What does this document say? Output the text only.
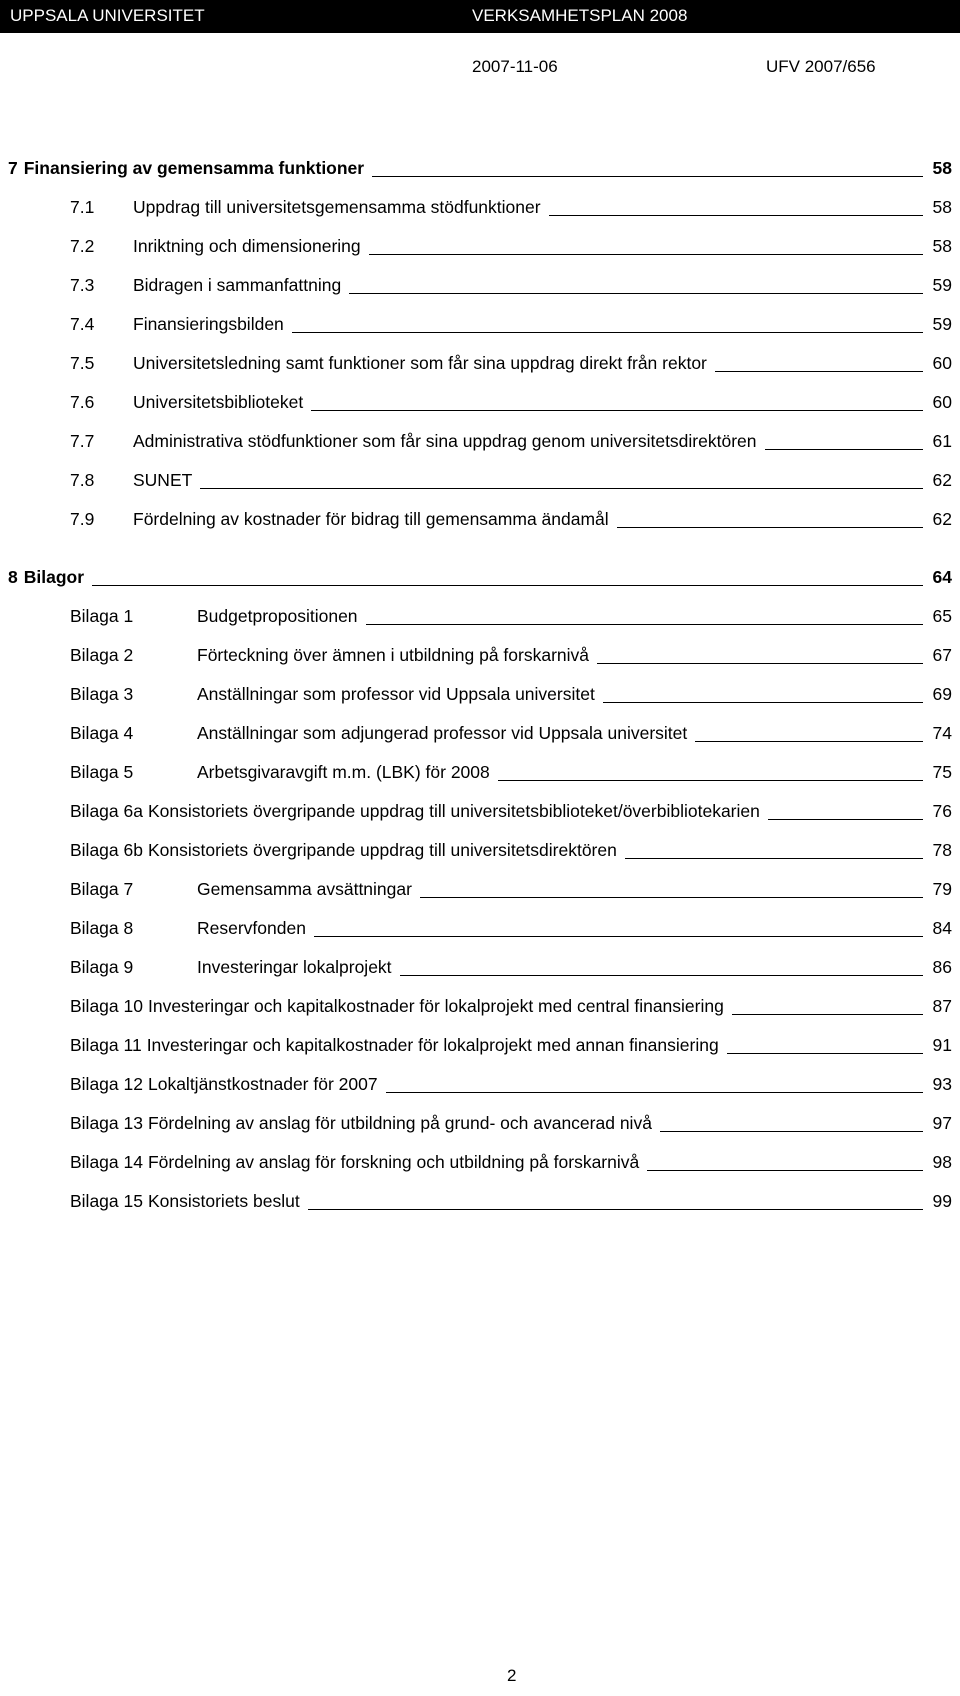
UPPSALA UNIVERSITET	VERKSAMHETSPLAN 2008
2007-11-06	UFV 2007/656
7 Finansiering av gemensamma funktioner	58
7.1 Uppdrag till universitetsgemensamma stödfunktioner	58
7.2 Inriktning och dimensionering	58
7.3 Bidragen i sammanfattning	59
7.4 Finansieringsbilden	59
7.5 Universitetsledning samt funktioner som får sina uppdrag direkt från rektor	60
7.6 Universitetsbiblioteket	60
7.7 Administrativa stödfunktioner som får sina uppdrag genom universitetsdirektören	61
7.8 SUNET	62
7.9 Fördelning av kostnader för bidrag till gemensamma ändamål	62
8 Bilagor	64
Bilaga 1	Budgetpropositionen	65
Bilaga 2	Förteckning över ämnen i utbildning på forskarnivå	67
Bilaga 3	Anställningar som professor vid Uppsala universitet	69
Bilaga 4	Anställningar som adjungerad professor vid Uppsala universitet	74
Bilaga 5	Arbetsgivaravgift m.m. (LBK) för 2008	75
Bilaga 6a Konsistoriets övergripande uppdrag till universitetsbiblioteket/överbibliotekarien	76
Bilaga 6b Konsistoriets övergripande uppdrag till universitetsdirektören	78
Bilaga 7	Gemensamma avsättningar	79
Bilaga 8	Reservfonden	84
Bilaga 9	Investeringar lokalprojekt	86
Bilaga 10 Investeringar och kapitalkostnader för lokalprojekt med central finansiering	87
Bilaga 11 Investeringar och kapitalkostnader för lokalprojekt med annan finansiering	91
Bilaga 12 Lokaltjänstkostnader för 2007	93
Bilaga 13 Fördelning av anslag för utbildning på grund- och avancerad nivå	97
Bilaga 14 Fördelning av anslag för forskning och utbildning på forskarnivå	98
Bilaga 15 Konsistoriets beslut	99
2
